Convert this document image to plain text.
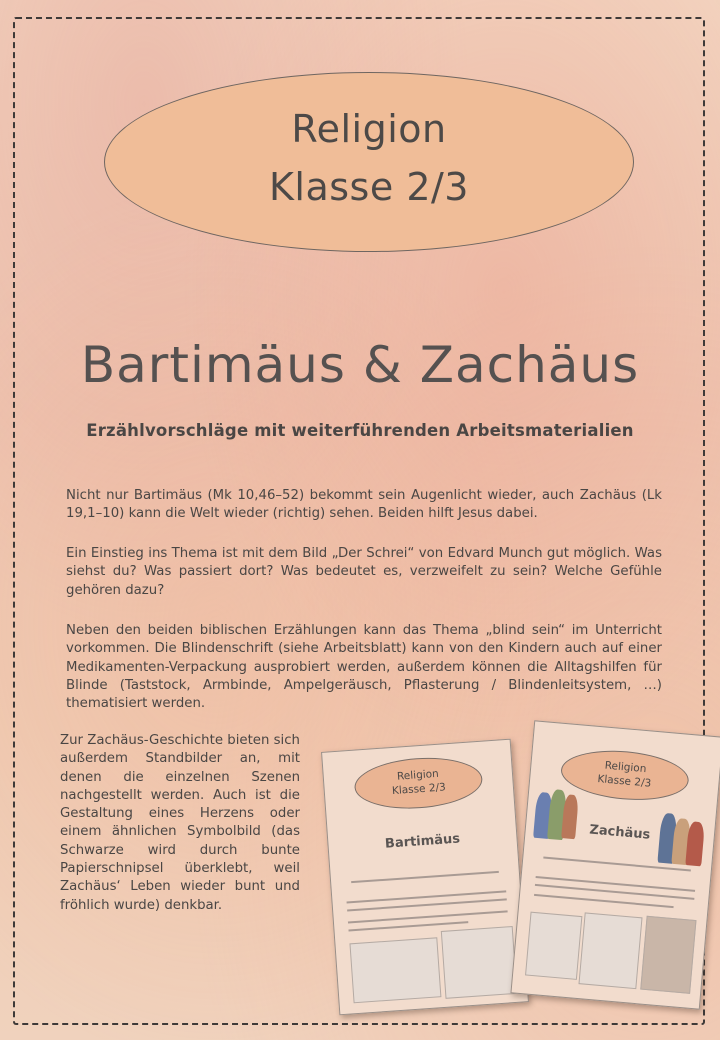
Religion
Klasse 2/3
Bartimäus & Zachäus
Erzählvorschläge mit weiterführenden Arbeitsmaterialien
Nicht nur Bartimäus (Mk 10,46–52) bekommt sein Augenlicht wieder, auch Zachäus (Lk 19,1–10) kann die Welt wieder (richtig) sehen. Beiden hilft Jesus dabei.
Ein Einstieg ins Thema ist mit dem Bild „Der Schrei“ von Edvard Munch gut möglich. Was siehst du? Was passiert dort? Was bedeutet es, verzweifelt zu sein? Welche Gefühle gehören dazu?
Neben den beiden biblischen Erzählungen kann das Thema „blind sein“ im Unterricht vorkommen. Die Blindenschrift (siehe Arbeitsblatt) kann von den Kindern auch auf einer Medikamenten-Verpackung ausprobiert werden, außerdem können die Alltagshilfen für Blinde (Taststock, Armbinde, Ampelgeräusch, Pflasterung / Blindenleitsystem, …) thematisiert werden.
Zur Zachäus-Geschichte bieten sich außerdem Standbilder an, mit denen die einzelnen Szenen nachgestellt werden. Auch ist die Gestaltung eines Herzens oder einem ähnlichen Symbolbild (das Schwarze wird durch bunte Papierschnipsel überklebt, weil Zachäus‘ Leben wieder bunt und fröhlich wurde) denkbar.
Religion
Klasse 2/3
Bartimäus
Religion
Klasse 2/3
Zachäus
